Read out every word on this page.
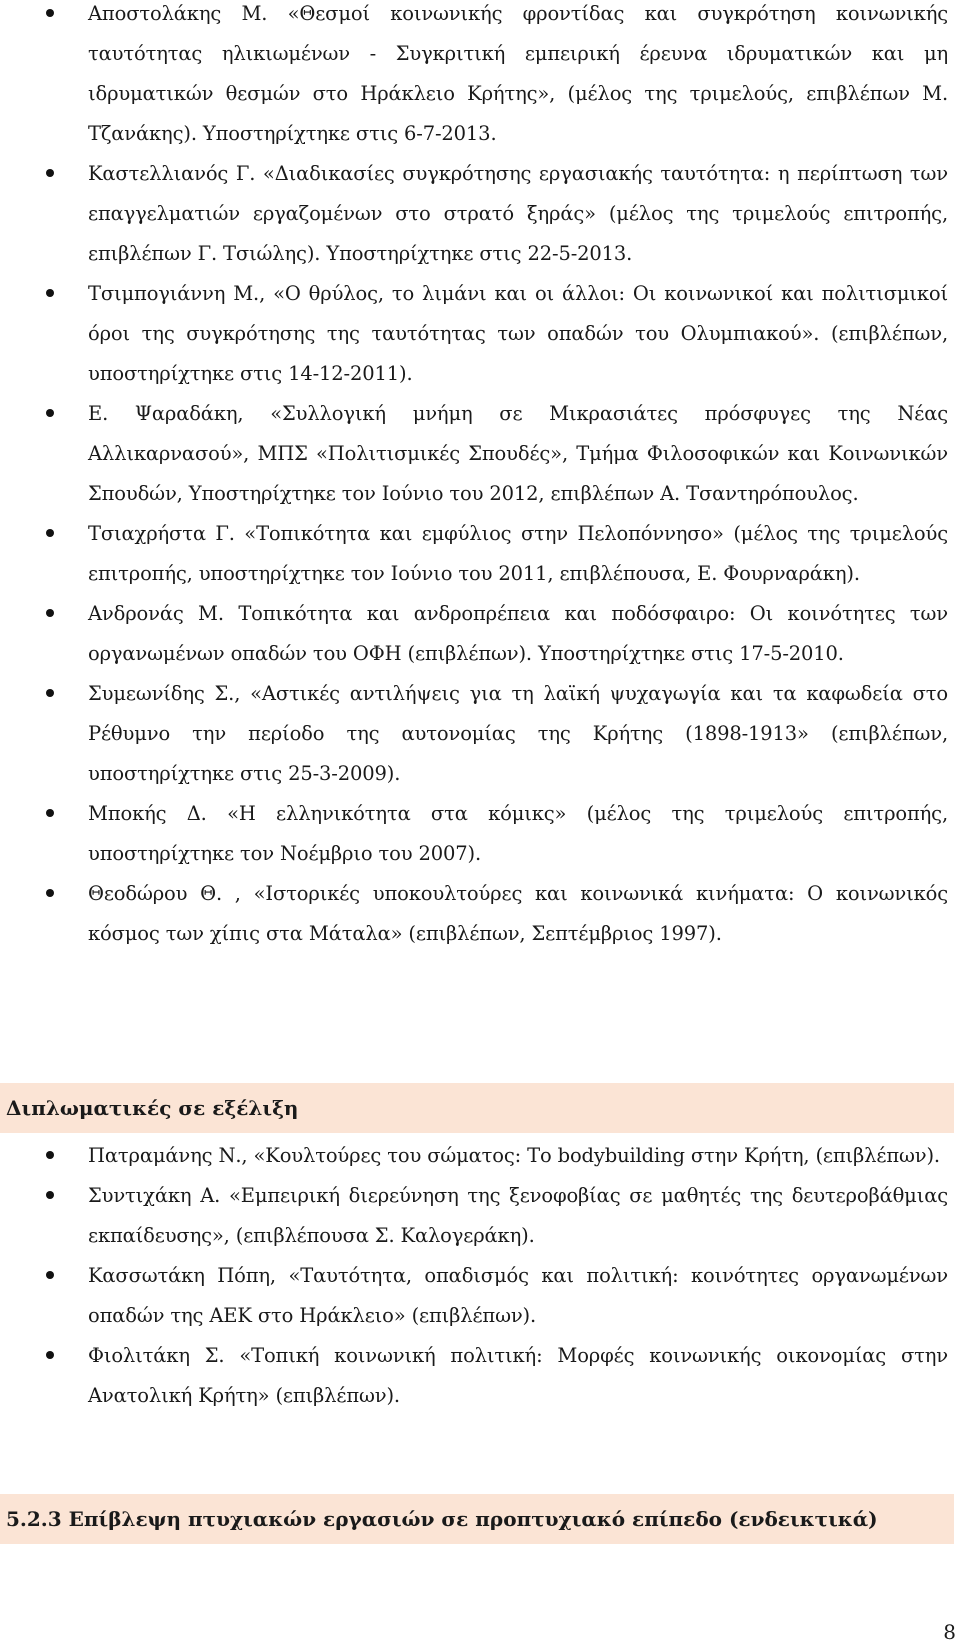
Αποστολάκης Μ. «Θεσμοί κοινωνικής φροντίδας και συγκρότηση κοινωνικής ταυτότητας ηλικιωμένων - Συγκριτική εμπειρική έρευνα ιδρυματικών και μη ιδρυματικών θεσμών στο Ηράκλειο Κρήτης», (μέλος της τριμελούς, επιβλέπων Μ. Τζανάκης). Υποστηρίχτηκε στις 6-7-2013.
Καστελλιανός Γ. «Διαδικασίες συγκρότησης εργασιακής ταυτότητα: η περίπτωση των επαγγελματιών εργαζομένων στο στρατό ξηράς» (μέλος της τριμελούς επιτροπής, επιβλέπων Γ. Τσιώλης). Υποστηρίχτηκε στις 22-5-2013.
Τσιμπογιάννη Μ., «Ο θρύλος, το λιμάνι και οι άλλοι: Οι κοινωνικοί και πολιτισμικοί όροι της συγκρότησης της ταυτότητας των οπαδών του Ολυμπιακού». (επιβλέπων, υποστηρίχτηκε στις 14-12-2011).
Ε. Ψαραδάκη, «Συλλογική μνήμη σε Μικρασιάτες πρόσφυγες της Νέας Αλλικαρνασού», ΜΠΣ «Πολιτισμικές Σπουδές», Τμήμα Φιλοσοφικών και Κοινωνικών Σπουδών, Υποστηρίχτηκε τον Ιούνιο του 2012, επιβλέπων Α. Τσαντηρόπουλος.
Τσιαχρήστα Γ. «Τοπικότητα και εμφύλιος στην Πελοπόννησο» (μέλος της τριμελούς επιτροπής, υποστηρίχτηκε τον Ιούνιο του 2011, επιβλέπουσα, Ε. Φουρναράκη).
Ανδρονάς Μ. Τοπικότητα και ανδροπρέπεια και ποδόσφαιρο: Οι κοινότητες των οργανωμένων οπαδών του ΟΦΗ (επιβλέπων). Υποστηρίχτηκε στις 17-5-2010.
Συμεωνίδης Σ., «Αστικές αντιλήψεις για τη λαϊκή ψυχαγωγία και τα καφωδεία στο Ρέθυμνο την περίοδο της αυτονομίας της Κρήτης (1898-1913» (επιβλέπων, υποστηρίχτηκε στις 25-3-2009).
Μποκής Δ. «Η ελληνικότητα στα κόμικς» (μέλος της τριμελούς επιτροπής, υποστηρίχτηκε τον Νοέμβριο του 2007).
Θεοδώρου Θ. , «Ιστορικές υποκουλτούρες και κοινωνικά κινήματα: Ο κοινωνικός κόσμος των χίπις στα Μάταλα» (επιβλέπων, Σεπτέμβριος 1997).
Διπλωματικές σε εξέλιξη
Πατραμάνης Ν., «Κουλτούρες του σώματος: Το bodybuilding στην Κρήτη, (επιβλέπων).
Συντιχάκη Α. «Εμπειρική διερεύνηση της ξενοφοβίας σε μαθητές της δευτεροβάθμιας εκπαίδευσης», (επιβλέπουσα Σ. Καλογεράκη).
Κασσωτάκη Πόπη, «Ταυτότητα, οπαδισμός και πολιτική: κοινότητες οργανωμένων οπαδών της ΑΕΚ στο Ηράκλειο» (επιβλέπων).
Φιολιτάκη Σ. «Τοπική κοινωνική πολιτική: Μορφές κοινωνικής οικονομίας στην Ανατολική Κρήτη» (επιβλέπων).
5.2.3 Επίβλεψη πτυχιακών εργασιών σε προπτυχιακό επίπεδο (ενδεικτικά)
8
